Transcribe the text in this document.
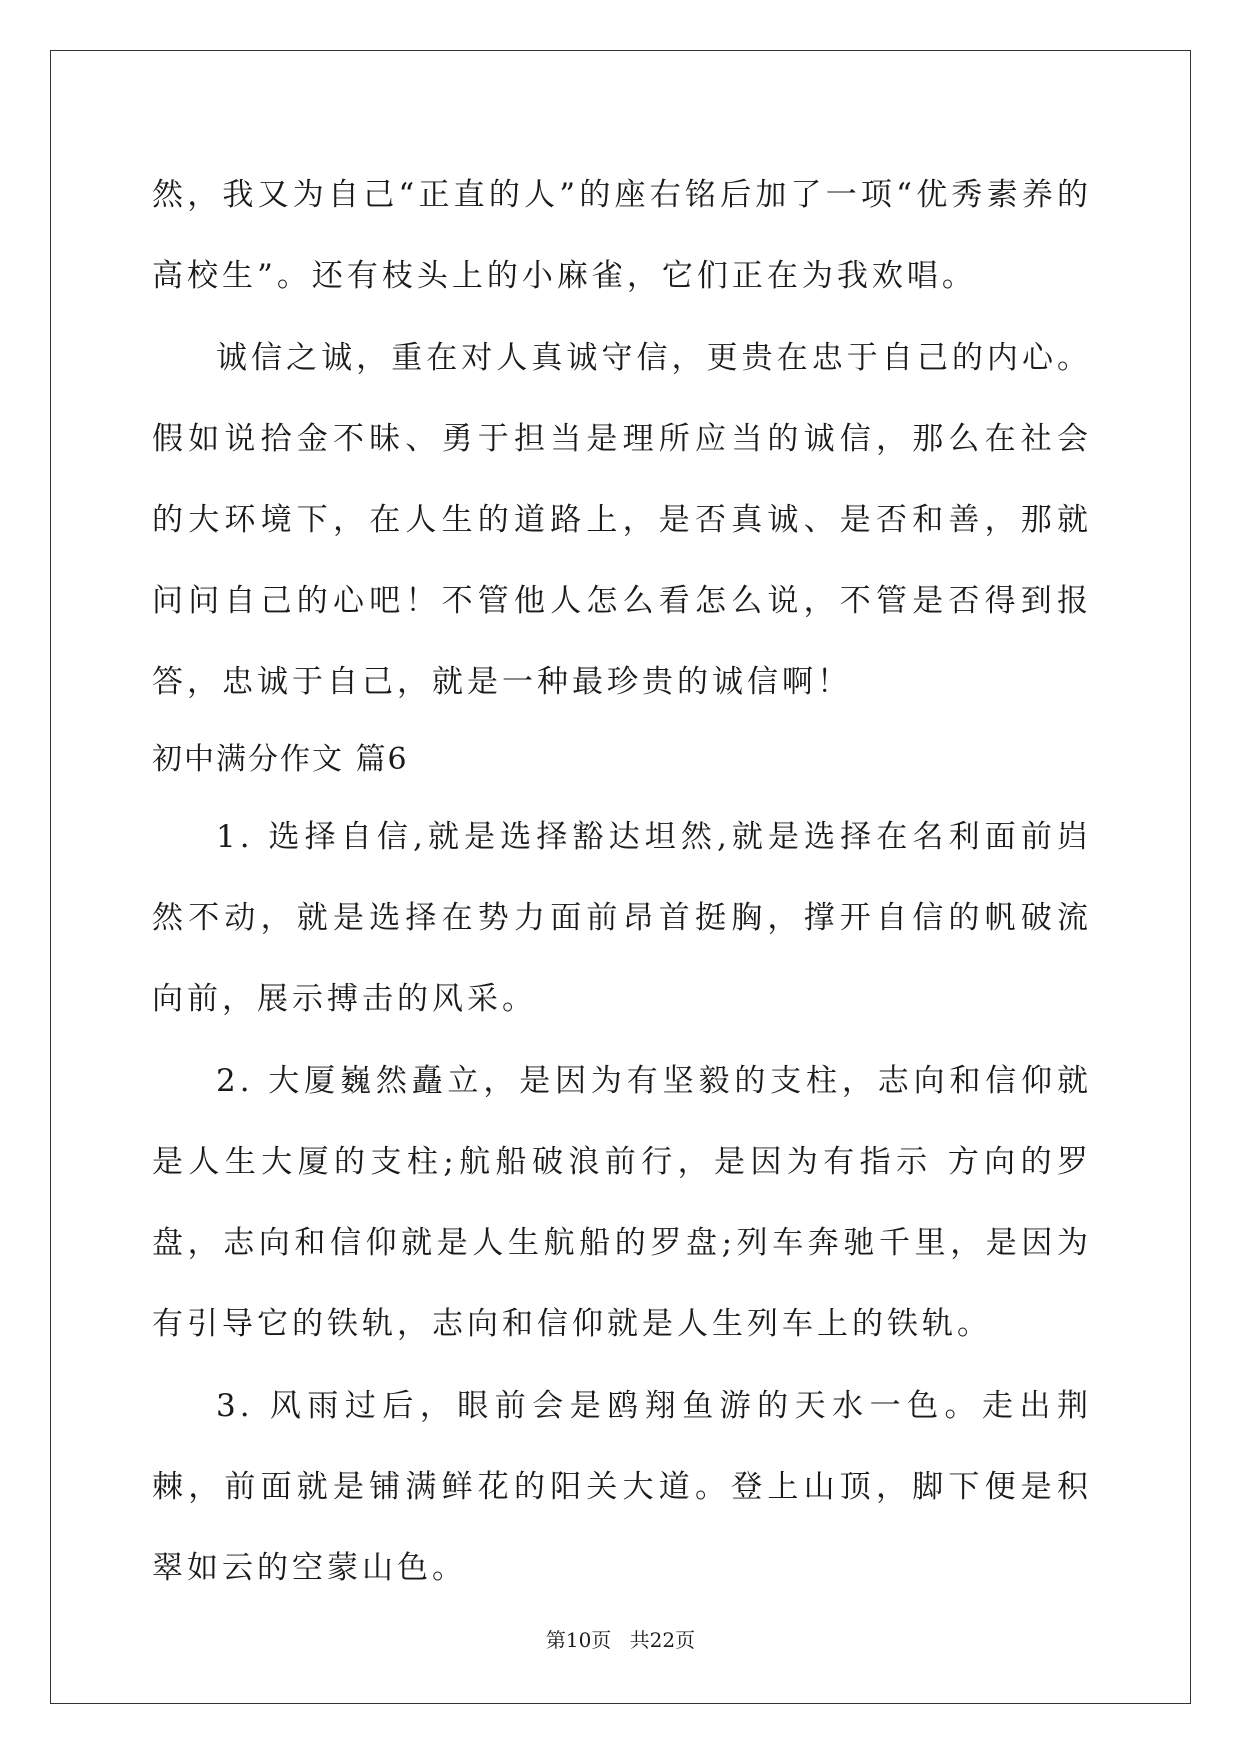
然，我又为自己“正直的人”的座右铭后加了一项“优秀素养的高校生”。还有枝头上的小麻雀，它们正在为我欢唱。

诚信之诚，重在对人真诚守信，更贵在忠于自己的内心。假如说拾金不昧、勇于担当是理所应当的诚信，那么在社会的大环境下，在人生的道路上，是否真诚、是否和善，那就问问自己的心吧！不管他人怎么看怎么说，不管是否得到报答，忠诚于自己，就是一种最珍贵的诚信啊！

初中满分作文 篇6

1. 选择自信,就是选择豁达坦然,就是选择在名利面前岿然不动，就是选择在势力面前昂首挺胸，撑开自信的帆破流向前，展示搏击的风采。

2. 大厦巍然矗立，是因为有坚毅的支柱，志向和信仰就是人生大厦的支柱;航船破浪前行，是因为有指示 方向的罗盘，志向和信仰就是人生航船的罗盘;列车奔驰千里，是因为有引导它的铁轨，志向和信仰就是人生列车上的铁轨。

3. 风雨过后，眼前会是鸥翔鱼游的天水一色。走出荆棘，前面就是铺满鲜花的阳关大道。登上山顶，脚下便是积翠如云的空蒙山色。

第10页 共22页
